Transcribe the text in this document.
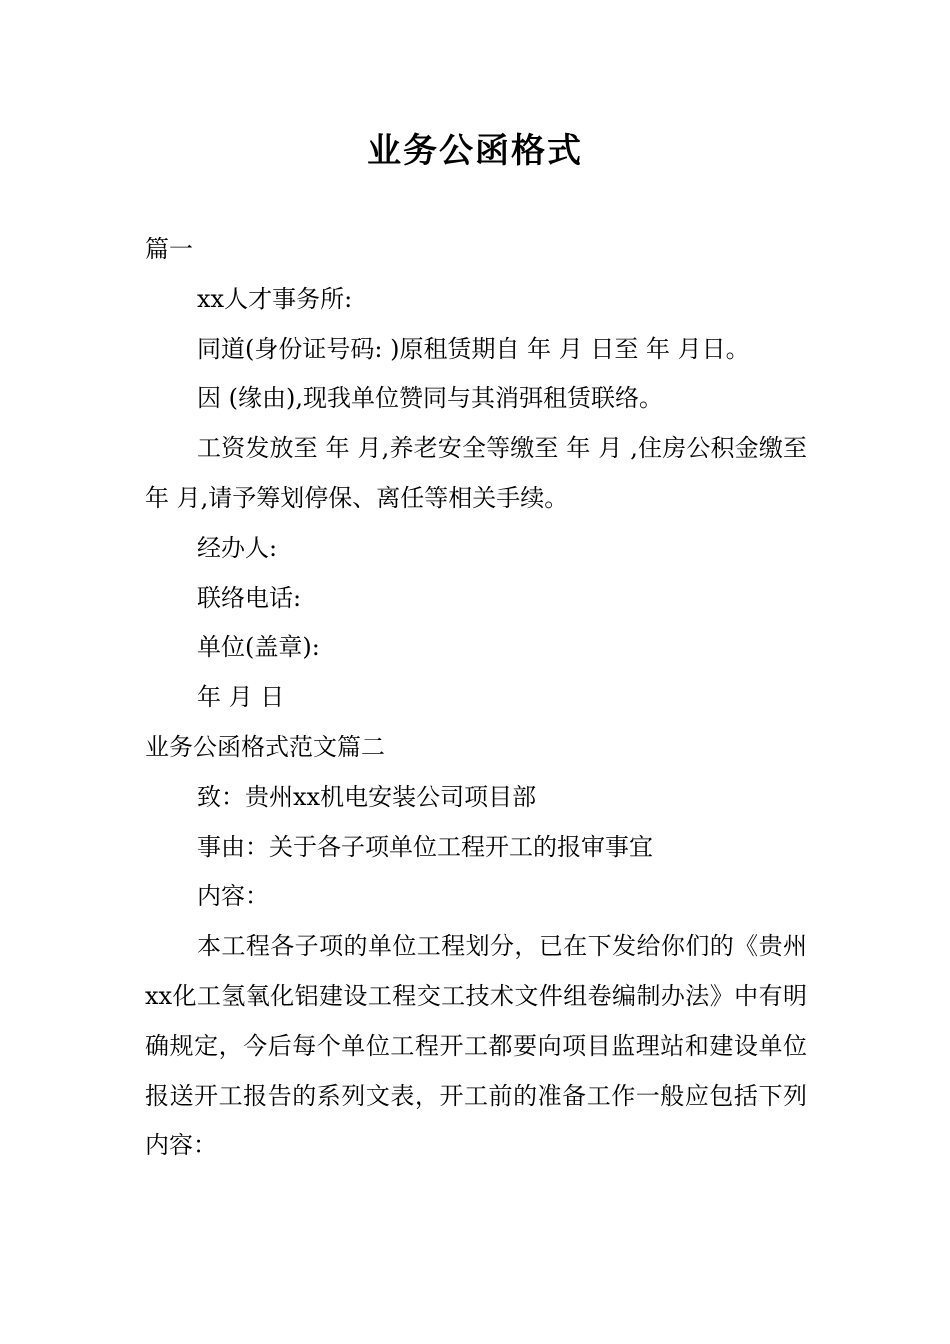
业务公函格式

篇一

xx人才事务所:

同道(身份证号码: )原租赁期自 年 月 日至 年 月日。

因 (缘由),现我单位赞同与其消弭租赁联络。

工资发放至 年 月,养老安全等缴至 年 月 ,住房公积金缴至 年 月,请予筹划停保、离任等相关手续。

经办人:

联络电话:

单位(盖章):

年 月 日

业务公函格式范文篇二

致：贵州xx机电安装公司项目部

事由：关于各子项单位工程开工的报审事宜

内容：

本工程各子项的单位工程划分，已在下发给你们的《贵州xx化工氢氧化铝建设工程交工技术文件组卷编制办法》中有明确规定，今后每个单位工程开工都要向项目监理站和建设单位报送开工报告的系列文表，开工前的准备工作一般应包括下列内容：
